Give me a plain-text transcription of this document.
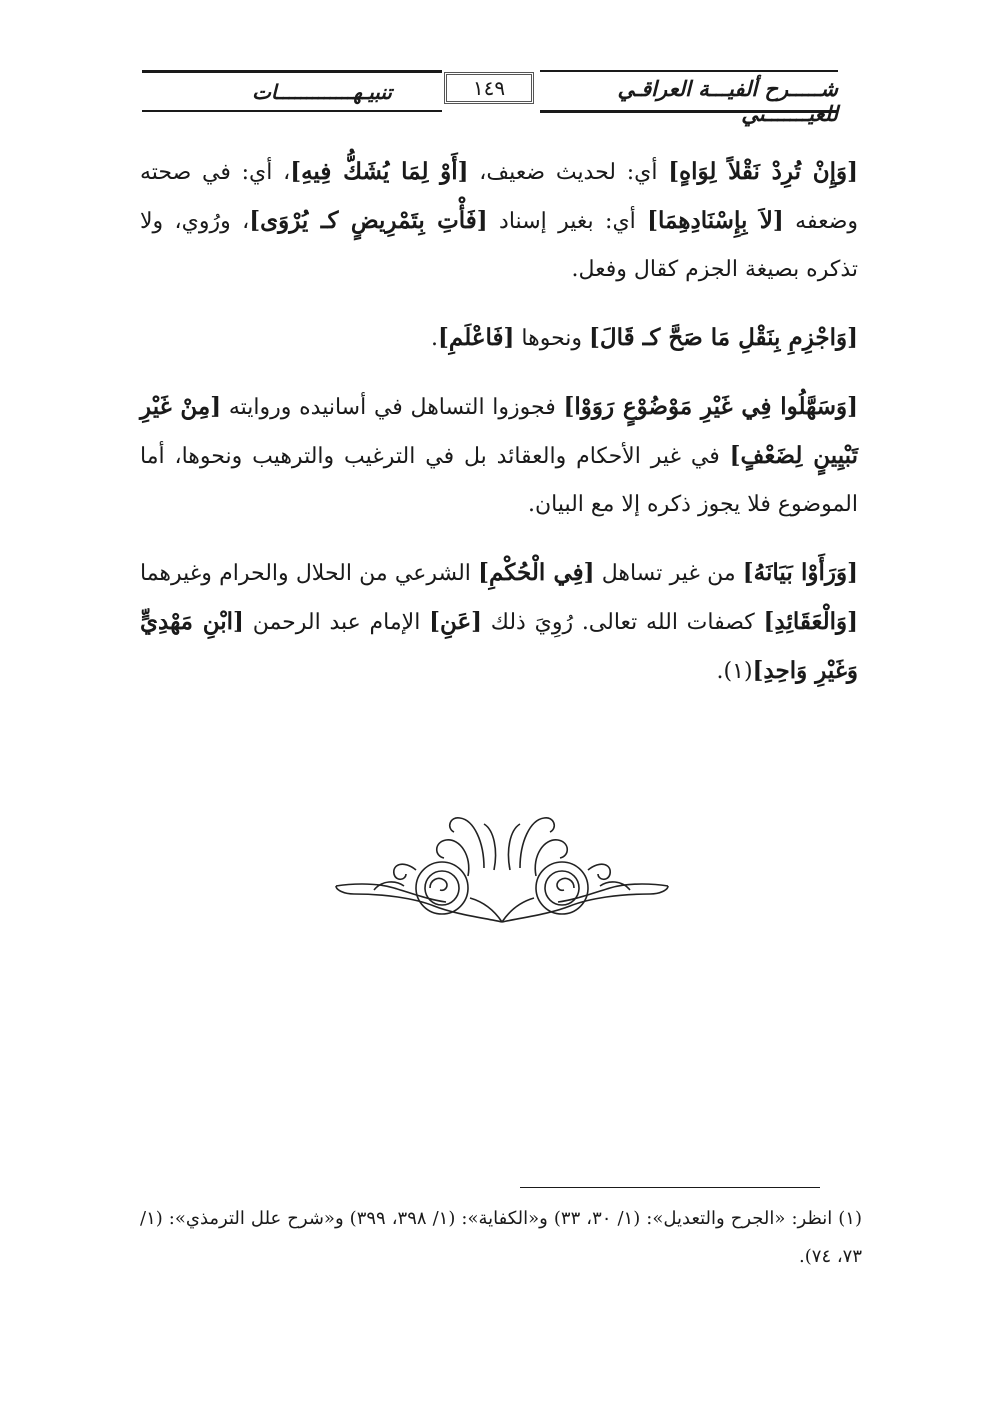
تنبيـهـــــــــــــات	١٤٩	شـــــرح ألفيـــة العراقـي للعيـــــــني

[وَإِنْ تُرِدْ نَقْلاً لِوَاهٍ] أي: لحديث ضعيف، [أَوْ لِمَا يُشَكُّ فِيهِ]، أي: في صحته وضعفه [لاَ بِإِسْنَادِهِمَا] أي: بغير إسناد [فَأْتِ بِتَمْرِيضٍ كـ يُرْوَى]، ورُوي، ولا تذكره بصيغة الجزم كقال وفعل.

[وَاجْزِمِ بِنَقْلِ مَا صَحَّ كـ قَالَ] ونحوها [فَاعْلَمِ].

[وَسَهَّلُوا فِي غَيْرِ مَوْضُوْعٍ رَوَوْا] فجوزوا التساهل في أسانيده وروايته [مِنْ غَيْرِ تَبْيِينٍ لِضَعْفٍ] في غير الأحكام والعقائد بل في الترغيب والترهيب ونحوها، أما الموضوع فلا يجوز ذكره إلا مع البيان.

[وَرَأَوْا بَيَانَهُ] من غير تساهل [فِي الْحُكْمِ] الشرعي من الحلال والحرام وغيرهما [وَالْعَقَائِدِ] كصفات الله تعالى. رُوِيَ ذلك [عَنِ] الإمام عبد الرحمن [ابْنِ مَهْدِيٍّ وَغَيْرِ وَاحِدِ](١).

(١) انظر: «الجرح والتعديل»: (١/ ٣٠، ٣٣) و«الكفاية»: (١/ ٣٩٨، ٣٩٩) و«شرح علل الترمذي»: (١/ ٧٣، ٧٤).
